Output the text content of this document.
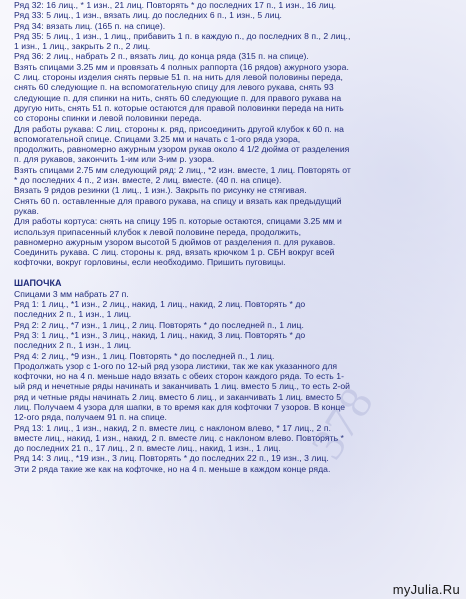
378

Ряд 32: 16 лиц., * 1 изн., 21 лиц. Повторять * до последних 17 п., 1 изн., 16 лиц.

Ряд 33: 5 лиц., 1 изн., вязать лиц. до последних 6 п., 1 изн., 5 лиц.

Ряд 34: вязать лиц. (165 п. на спице).

Ряд 35: 5 лиц., 1 изн., 1 лиц., прибавить 1 п. в каждую п., до последних 8 п., 2 лиц.,

1 изн., 1 лиц., закрыть 2 п., 2 лиц.

Ряд 36: 2 лиц., набрать 2 п., вязать лиц. до конца ряда (315 п. на спице).

Взять спицами 3.25 мм и провязать 4 полных раппорта (16 рядов) ажурного узора.

С лиц. стороны изделия снять первые 51 п. на нить для левой половины переда,

снять 60 следующие п. на вспомогательную спицу для левого рукава, снять 93

следующие п. для спинки на нить, снять 60 следующие п. для правого рукава на

другую нить, снять 51 п. которые остаются для правой половинки переда на нить

со стороны спинки и левой половинки переда.

Для работы рукава: С лиц. стороны к. ряд, присоединить другой клубок к 60 п. на

вспомогательной спице. Спицами 3.25 мм и начать с 1-ого ряда узора,

продолжить, равномерно ажурным узором рукав около 4 1/2 дюйма от разделения

п. для рукавов, закончить 1-им или 3-им р. узора.

Взять спицами 2.75 мм следующий ряд: 2 лиц., *2 изн. вместе, 1 лиц. Повторять от

* до последних 4 п., 2 изн. вместе, 2 лиц. вместе. (40 п. на спице).

Вязать 9 рядов резинки (1 лиц., 1 изн.). Закрыть по рисунку не стягивая.

Снять 60 п. оставленные для правого рукава, на спицу и вязать как предыдущий

рукав.

Для работы кортуса: снять на спицу 195 п. которые остаются, спицами 3.25 мм и

используя припасенный клубок к левой половине переда, продолжить,

равномерно ажурным узором высотой 5 дюймов от разделения п. для рукавов.

Соединить рукава. С лиц. стороны к. ряд, вязать крючком 1 р. СБН вокруг всей

кофточки, вокруг горловины, если необходимо. Пришить пуговицы.

ШАПОЧКА

Спицами 3 мм набрать 27 п.

Ряд 1: 1 лиц., *1 изн., 2 лиц., накид, 1 лиц., накид, 2 лиц. Повторять * до

последних 2 п., 1 изн., 1 лиц.

Ряд 2: 2 лиц., *7 изн., 1 лиц., 2 лиц. Повторять * до последней п., 1 лиц.

Ряд 3: 1 лиц., *1 изн., 3 лиц., накид, 1 лиц., накид, 3 лиц. Повторять * до

последних 2 п., 1 изн., 1 лиц.

Ряд 4: 2 лиц., *9 изн., 1 лиц. Повторять * до последней п., 1 лиц.

Продолжать узор с 1-ого по 12-ый ряд узора листики, так же как указанного для

кофточки, но на 4 п. меньше надо вязать с обеих сторон каждого ряда. То есть 1-

ый ряд и нечетные ряды начинать и заканчивать 1 лиц. вместо 5 лиц., то есть 2-ой

ряд и четные ряды начинать 2 лиц. вместо 6 лиц., и заканчивать 1 лиц. вместо 5

лиц. Получаем 4 узора для шапки, в то время как для кофточки 7 узоров. В конце

12-ого ряда, получаем 91 п. на спице.

Ряд 13: 1 лиц., 1 изн., накид, 2 п. вместе лиц. с наклоном влево, * 17 лиц., 2 п.

вместе лиц., накид, 1 изн., накид, 2 п. вместе лиц. с наклоном влево. Повторять *

до последних 21 п., 17 лиц., 2 п. вместе лиц., накид, 1 изн., 1 лиц.

Ряд 14: 3 лиц., *19 изн., 3 лиц. Повторять * до последних 22 п., 19 изн., 3 лиц.

Эти 2 ряда такие же как на кофточке, но на 4 п. меньше в каждом конце ряда.

myJulia.Ru
